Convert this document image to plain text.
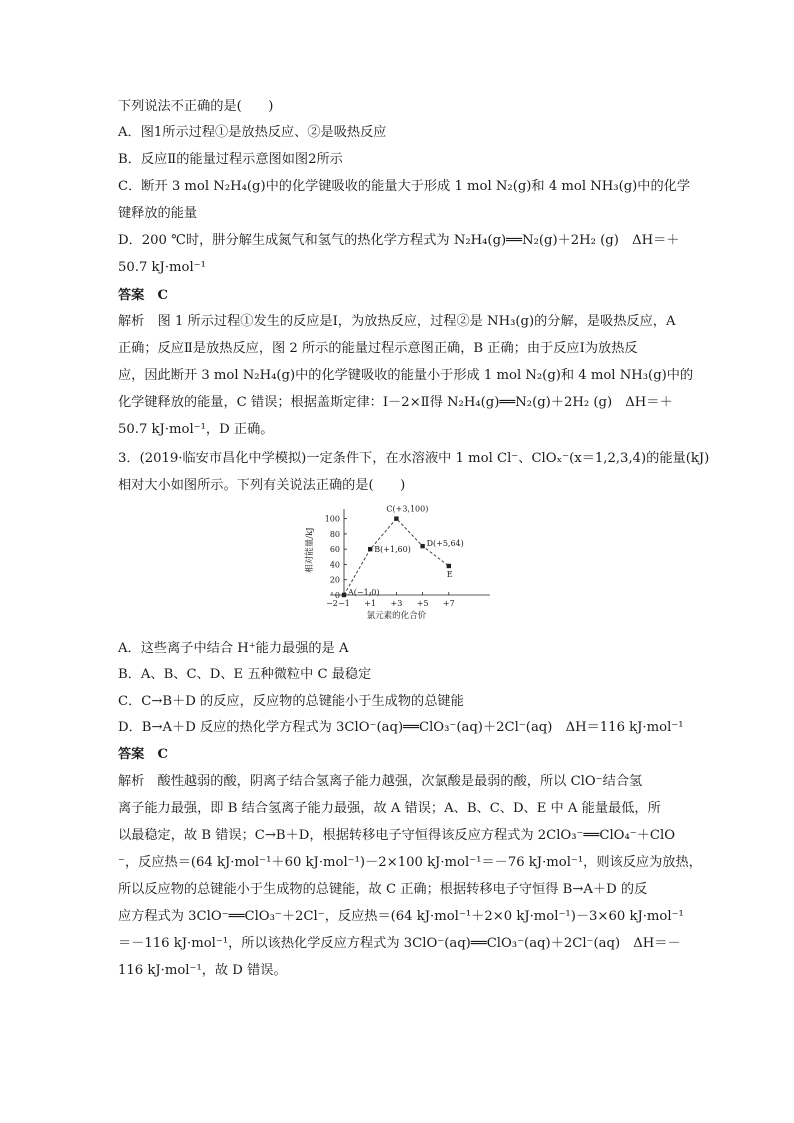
下列说法不正确的是(　　)
A．图1所示过程①是放热反应、②是吸热反应
B．反应Ⅱ的能量过程示意图如图2所示
C．断开 3 mol N₂H₄(g)中的化学键吸收的能量大于形成 1 mol N₂(g)和 4 mol NH₃(g)中的化学
键释放的能量
D．200 ℃时，肼分解生成氮气和氢气的热化学方程式为 N₂H₄(g)══N₂(g)＋2H₂ (g)　ΔH＝＋
50.7 kJ·mol⁻¹
答案　C
解析　图 1 所示过程①发生的反应是Ⅰ，为放热反应，过程②是 NH₃(g)的分解，是吸热反应，A
正确；反应Ⅱ是放热反应，图 2 所示的能量过程示意图正确，B 正确；由于反应Ⅰ为放热反
应，因此断开 3 mol N₂H₄(g)中的化学键吸收的能量小于形成 1 mol N₂(g)和 4 mol NH₃(g)中的
化学键释放的能量，C 错误；根据盖斯定律：Ⅰ－2×Ⅱ得 N₂H₄(g)══N₂(g)＋2H₂ (g)　ΔH＝＋
50.7 kJ·mol⁻¹，D 正确。
3．(2019·临安市昌化中学模拟)一定条件下，在水溶液中 1 mol Cl⁻、ClOₓ⁻(x＝1,2,3,4)的能量(kJ)
相对大小如图所示。下列有关说法正确的是(　　)
0
20
40
60
80
100
−2 −1 +1 +3 +5 +7
氯元素的化合价
相对能量/kJ
A(−1,0)
B(+1,60)
C(+3,100)
D(+5,64)
E
A．这些离子中结合 H⁺能力最强的是 A
B．A、B、C、D、E 五种微粒中 C 最稳定
C．C→B＋D 的反应，反应物的总键能小于生成物的总键能
D．B→A＋D 反应的热化学方程式为 3ClO⁻(aq)══ClO₃⁻(aq)＋2Cl⁻(aq)　ΔH＝116 kJ·mol⁻¹
答案　C
解析　酸性越弱的酸，阴离子结合氢离子能力越强，次氯酸是最弱的酸，所以 ClO⁻结合氢
离子能力最强，即 B 结合氢离子能力最强，故 A 错误；A、B、C、D、E 中 A 能量最低，所
以最稳定，故 B 错误；C→B＋D，根据转移电子守恒得该反应方程式为 2ClO₃⁻══ClO₄⁻＋ClO
⁻，反应热＝(64 kJ·mol⁻¹＋60 kJ·mol⁻¹)－2×100 kJ·mol⁻¹＝－76 kJ·mol⁻¹，则该反应为放热，
所以反应物的总键能小于生成物的总键能，故 C 正确；根据转移电子守恒得 B→A＋D 的反
应方程式为 3ClO⁻══ClO₃⁻＋2Cl⁻，反应热＝(64 kJ·mol⁻¹＋2×0 kJ·mol⁻¹)－3×60 kJ·mol⁻¹
＝－116 kJ·mol⁻¹，所以该热化学反应方程式为 3ClO⁻(aq)══ClO₃⁻(aq)＋2Cl⁻(aq)　ΔH＝－
116 kJ·mol⁻¹，故 D 错误。
